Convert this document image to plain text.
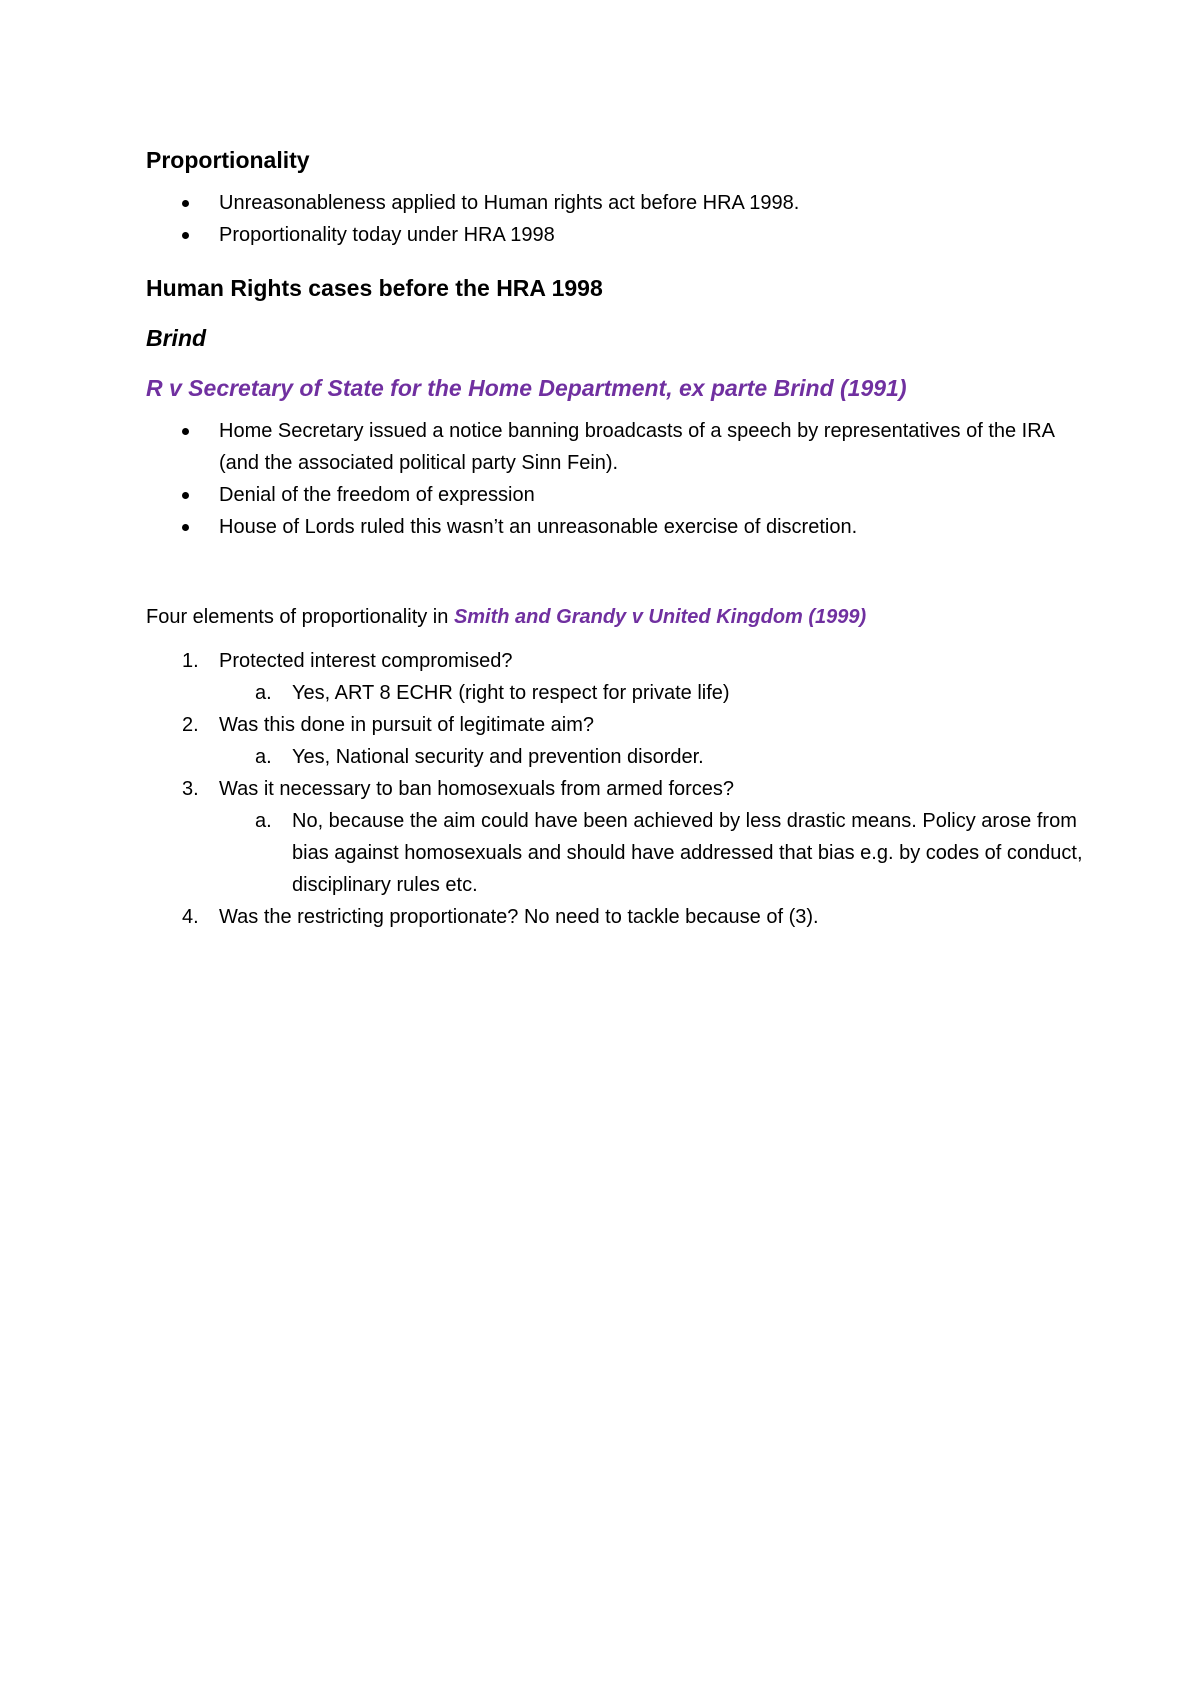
Proportionality
Unreasonableness applied to Human rights act before HRA 1998.
Proportionality today under HRA 1998
Human Rights cases before the HRA 1998
Brind
R v Secretary of State for the Home Department, ex parte Brind (1991)
Home Secretary issued a notice banning broadcasts of a speech by representatives of the IRA (and the associated political party Sinn Fein).
Denial of the freedom of expression
House of Lords ruled this wasn’t an unreasonable exercise of discretion.
Four elements of proportionality in Smith and Grandy v United Kingdom (1999)
1. Protected interest compromised?
a. Yes, ART 8 ECHR (right to respect for private life)
2. Was this done in pursuit of legitimate aim?
a. Yes, National security and prevention disorder.
3. Was it necessary to ban homosexuals from armed forces?
a. No, because the aim could have been achieved by less drastic means. Policy arose from bias against homosexuals and should have addressed that bias e.g. by codes of conduct, disciplinary rules etc.
4. Was the restricting proportionate? No need to tackle because of (3).
